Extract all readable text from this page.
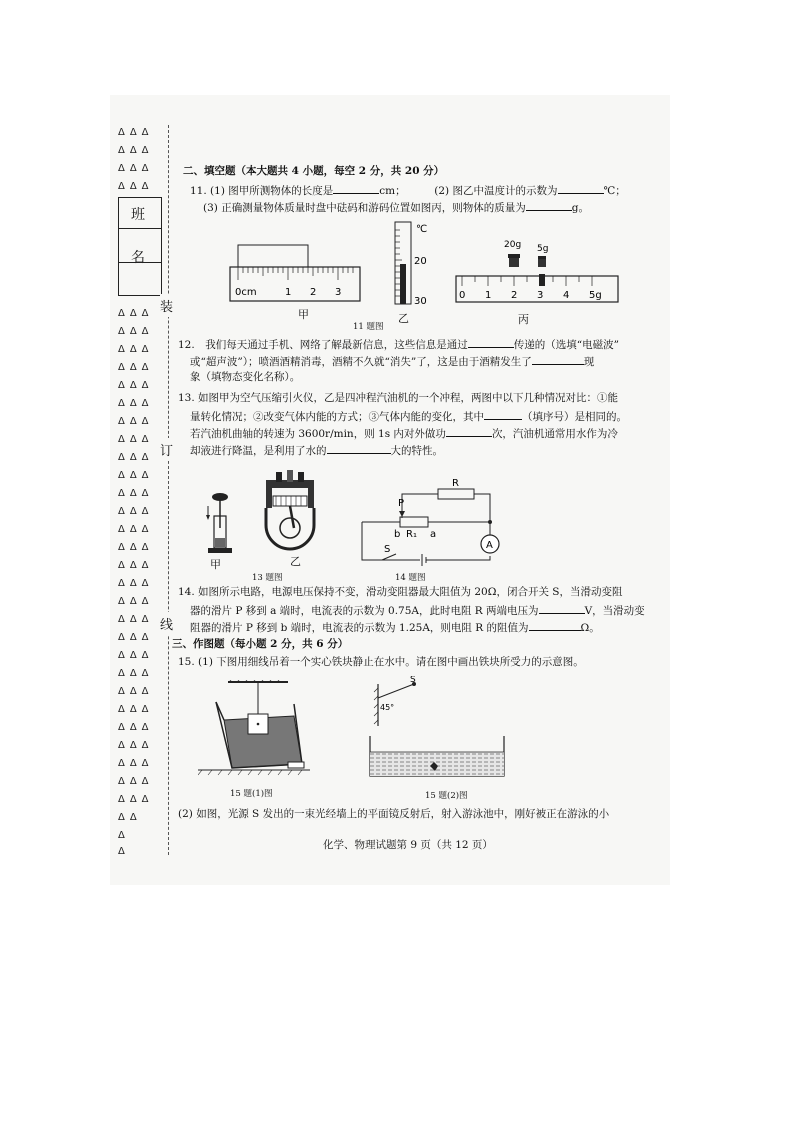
ΔΔΔ
ΔΔΔ
ΔΔΔ
ΔΔΔ
ΔΔΔ
ΔΔΔ
ΔΔΔ
ΔΔΔ
ΔΔΔ
ΔΔΔ
ΔΔΔ
ΔΔΔ
ΔΔΔ
ΔΔΔ
ΔΔΔ
ΔΔΔ
ΔΔΔ
ΔΔΔ
ΔΔΔ
ΔΔΔ
ΔΔΔ
ΔΔΔ
ΔΔΔ
ΔΔΔ
ΔΔΔ
ΔΔΔ
ΔΔΔ
ΔΔΔ
ΔΔΔ
ΔΔΔ
ΔΔΔ
ΔΔΔ
ΔΔ
Δ
Δ
班
名
装
订
线
二、填空题（本大题共 4 小题，每空 2 分，共 20 分）
11. (1) 图甲所测物体的长度是	cm；	(2) 图乙中温度计的示数为	℃；
(3) 正确测量物体质量时盘中砝码和游码位置如图丙，则物体的质量为	g。
0cm	1 2 3
甲
℃
20
30
乙
20g 5g
0 1 2 3 4 5g
丙
11 题图
12.　我们每天通过手机、网络了解最新信息，这些信息是通过	传递的（选填“电磁波”
或“超声波”）；喷酒酒精消毒，酒精不久就“消失”了，这是由于酒精发生了	现
象（填物态变化名称）。
13. 如图甲为空气压缩引火仪，乙是四冲程汽油机的一个冲程，两图中以下几种情况对比：①能
量转化情况；②改变气体内能的方式；③气体内能的变化，其中	（填序号）是相同的。
若汽油机曲轴的转速为 3600r/min，则 1s 内对外做功	次，汽油机通常用水作为冷
却液进行降温，是利用了水的	大的特性。
甲	乙
13 题图
R
P
b R₁ a
A
S
14 题图
14. 如图所示电路，电源电压保持不变，滑动变阻器最大阻值为 20Ω，闭合开关 S，当滑动变阻
器的滑片 P 移到 a 端时，电流表的示数为 0.75A，此时电阻 R 两端电压为	V，当滑动变
阻器的滑片 P 移到 b 端时，电流表的示数为 1.25A，则电阻 R 的阻值为	Ω。
三、作图题（每小题 2 分，共 6 分）
15. (1) 下图用细线吊着一个实心铁块静止在水中。请在图中画出铁块所受力的示意图。
15 题(1)图
S
45°
15 题(2)图
(2) 如图，光源 S 发出的一束光经墙上的平面镜反射后，射入游泳池中，刚好被正在游泳的小
化学、物理试题第 9 页（共 12 页）
